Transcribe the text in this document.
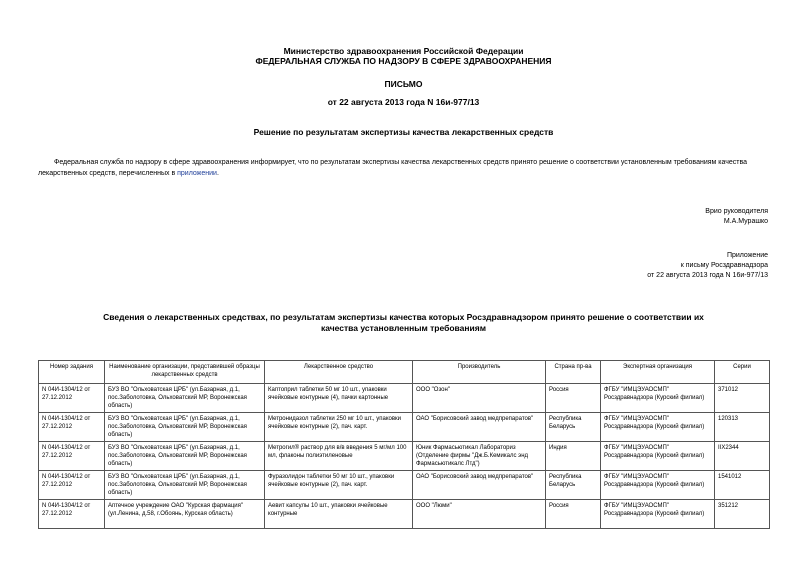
Министерство здравоохранения Российской Федерации
ФЕДЕРАЛЬНАЯ СЛУЖБА ПО НАДЗОРУ В СФЕРЕ ЗДРАВООХРАНЕНИЯ
ПИСЬМО
от 22 августа 2013 года N 16и-977/13
Решение по результатам экспертизы качества лекарственных средств
Федеральная служба по надзору в сфере здравоохранения информирует, что по результатам экспертизы качества лекарственных средств принято решение о соответствии установленным требованиям качества лекарственных средств, перечисленных в приложении.
Врио руководителя
М.А.Мурашко
Приложение
к письму Росздравнадзора
от 22 августа 2013 года N 16и-977/13
Сведения о лекарственных средствах, по результатам экспертизы качества которых Росздравнадзором принято решение о соответствии их качества установленным требованиям
Номер задания	Наименование организации, представившей образцы лекарственных средств	Лекарственное средство	Производитель	Страна пр-ва	Экспертная организация	Серии
N 04И-1304/12 от 27.12.2012	БУЗ ВО "Ольховатская ЦРБ" (ул.Базарная, д.1, пос.Заболотовка, Ольховатский МР, Воронежская область)	Каптоприл таблетки 50 мг 10 шт., упаковки ячейковые контурные (4), пачки картонные	ООО "Озон"	Россия	ФГБУ "ИМЦЭУАОСМП" Росздравнадзора (Курский филиал)	371012
N 04И-1304/12 от 27.12.2012	БУЗ ВО "Ольховатская ЦРБ" (ул.Базарная, д.1, пос.Заболотовка, Ольховатский МР, Воронежская область)	Метронидазол таблетки 250 мг 10 шт., упаковки ячейковые контурные (2), пач. карт.	ОАО "Борисовский завод медпрепаратов"	Республика Беларусь	ФГБУ "ИМЦЭУАОСМП" Росздравнадзора (Курский филиал)	120313
N 04И-1304/12 от 27.12.2012	БУЗ ВО "Ольховатская ЦРБ" (ул.Базарная, д.1, пос.Заболотовка, Ольховатский МР, Воронежская область)	Метрогил® раствор для в/в введения 5 мг/мл 100 мл, флаконы полиэтиленовые	Юник Фармасьютикал Лабораториз (Отделение фирмы "Дж.Б.Кемикалс энд Фармасьютикалс Лтд")	Индия	ФГБУ "ИМЦЭУАОСМП" Росздравнадзора (Курский филиал)	IIX2344
N 04И-1304/12 от 27.12.2012	БУЗ ВО "Ольховатская ЦРБ" (ул.Базарная, д.1, пос.Заболотовка, Ольховатский МР, Воронежская область)	Фуразолидон таблетки 50 мг 10 шт., упаковки ячейковые контурные (2), пач. карт.	ОАО "Борисовский завод медпрепаратов"	Республика Беларусь	ФГБУ "ИМЦЭУАОСМП" Росздравнадзора (Курский филиал)	1541012
N 04И-1304/12 от 27.12.2012	Аптечное учреждение ОАО "Курская фармация" (ул.Ленина, д.58, г.Обоянь, Курская область)	Аевит капсулы 10 шт., упаковки ячейковые контурные	ООО "Люми"	Россия	ФГБУ "ИМЦЭУАОСМП" Росздравнадзора (Курский филиал)	351212
